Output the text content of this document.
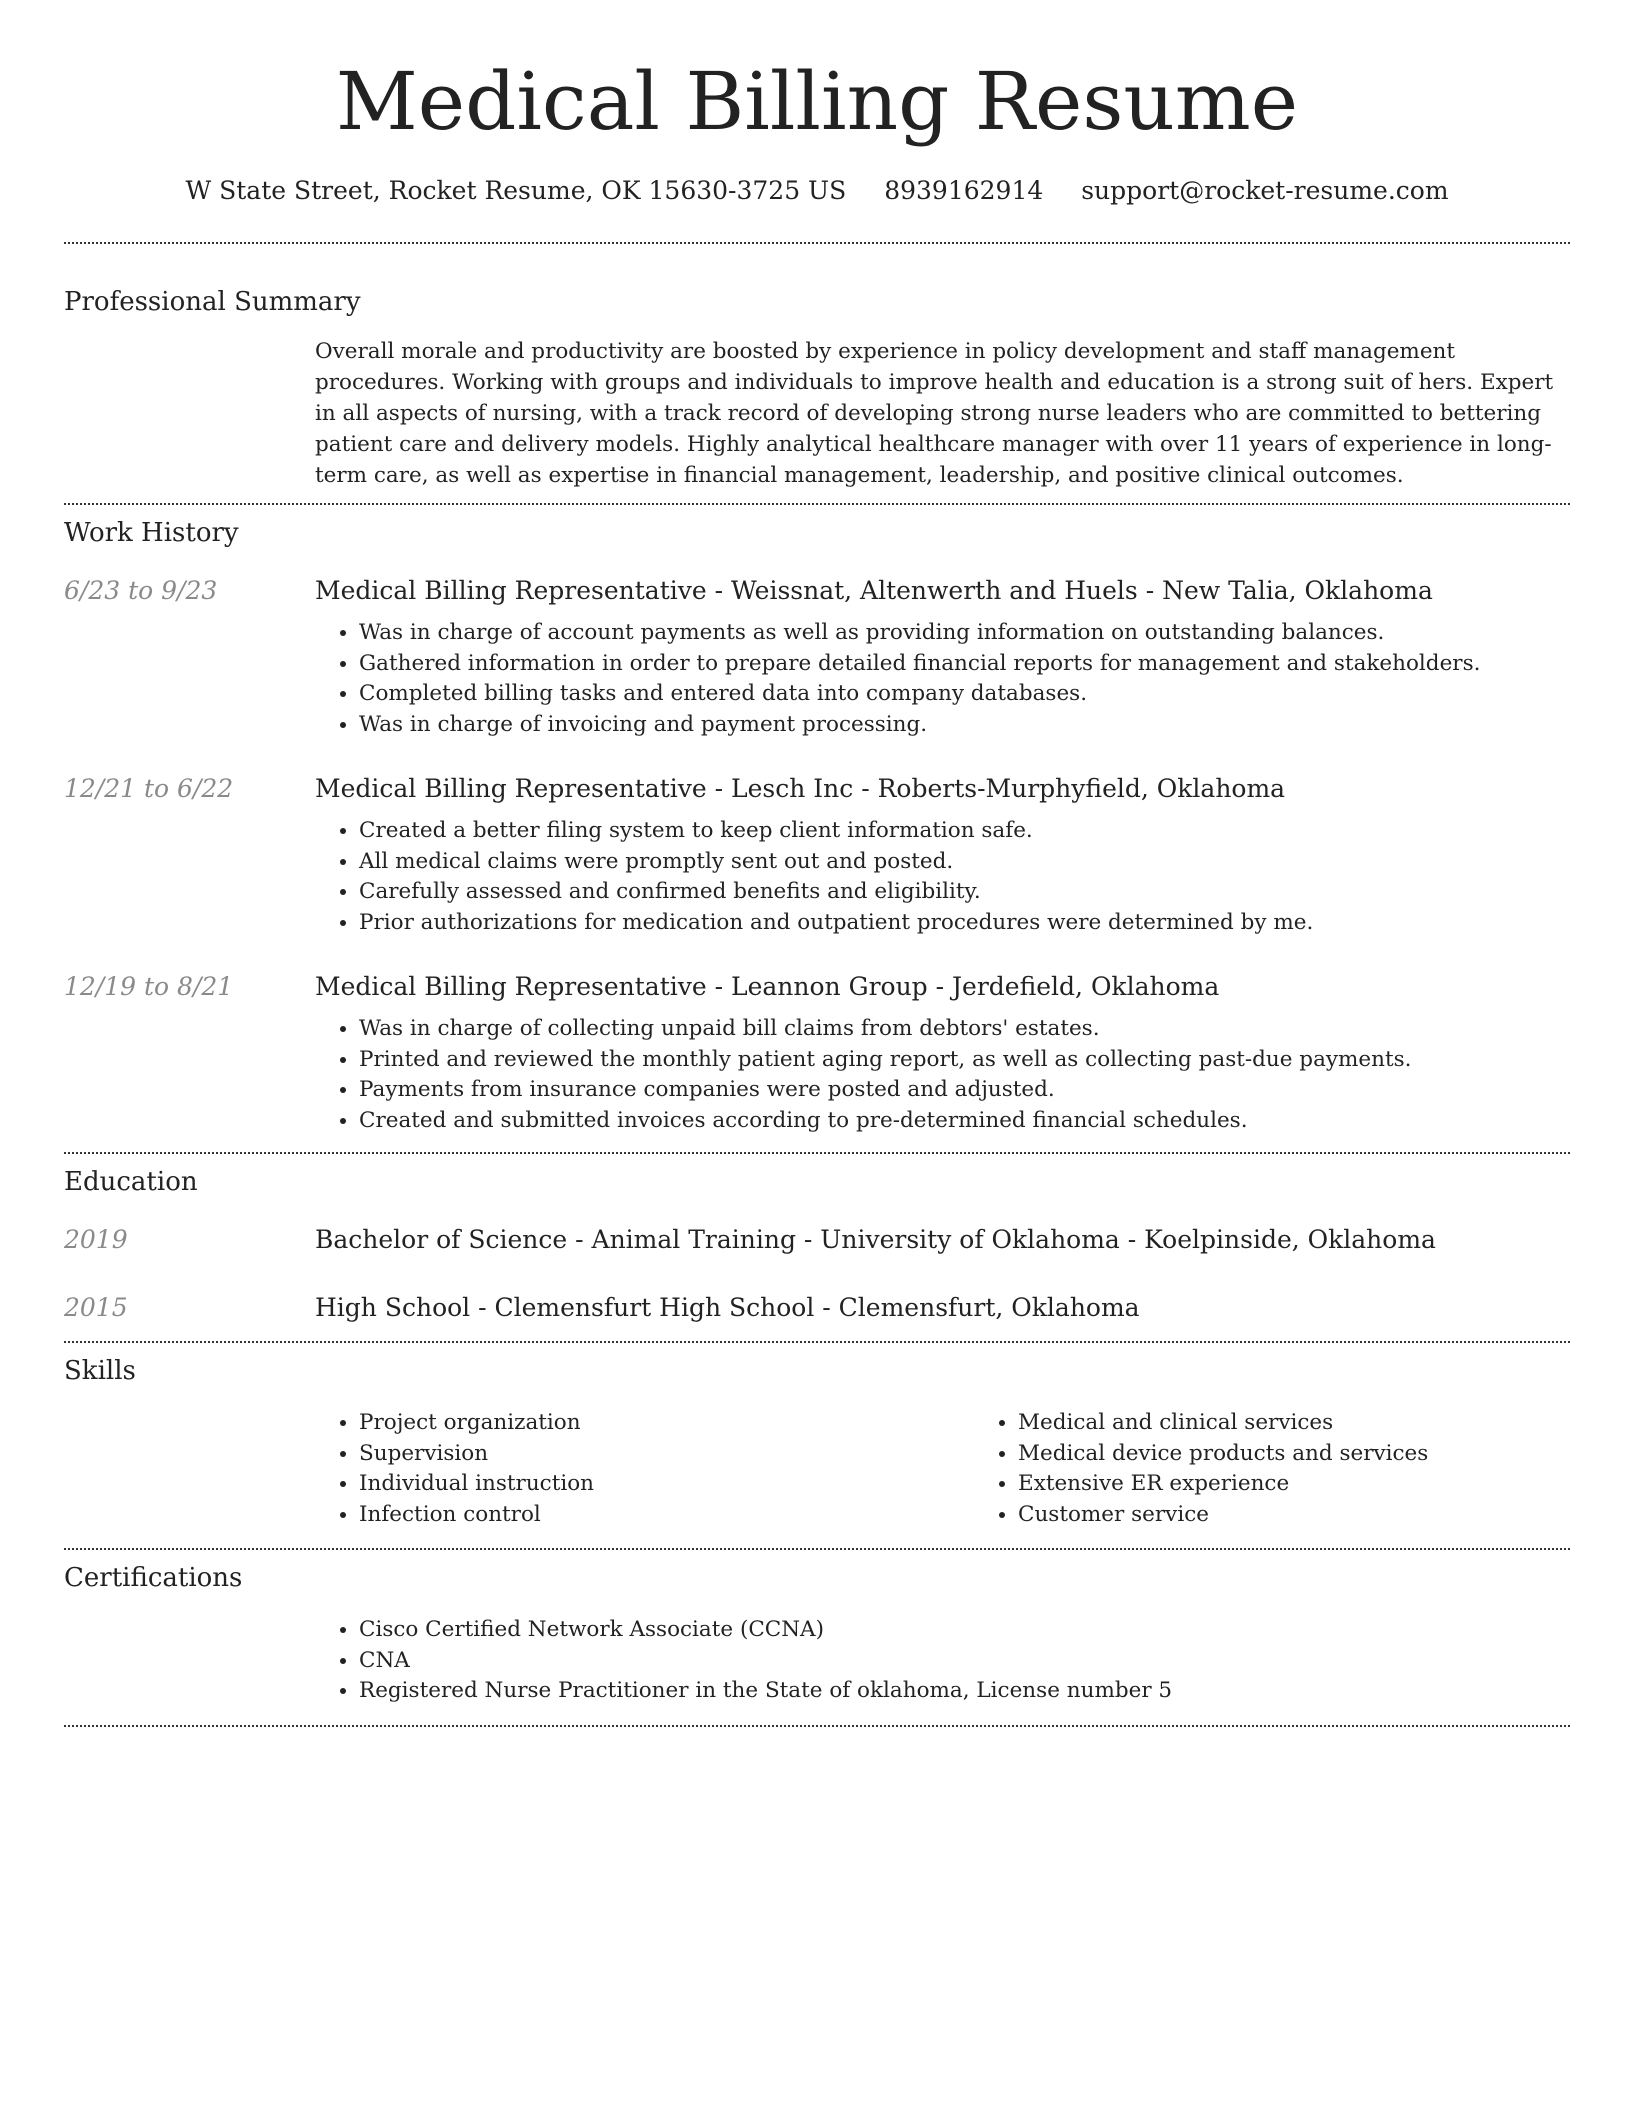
Medical Billing Resume
W State Street, Rocket Resume, OK 15630-3725 US 8939162914 support@rocket-resume.com
Professional Summary
Overall morale and productivity are boosted by experience in policy development and staff management procedures. Working with groups and individuals to improve health and education is a strong suit of hers. Expert in all aspects of nursing, with a track record of developing strong nurse leaders who are committed to bettering patient care and delivery models. Highly analytical healthcare manager with over 11 years of experience in long-term care, as well as expertise in financial management, leadership, and positive clinical outcomes.
Work History
6/23 to 9/23	Medical Billing Representative - Weissnat, Altenwerth and Huels - New Talia, Oklahoma
• Was in charge of account payments as well as providing information on outstanding balances.
• Gathered information in order to prepare detailed financial reports for management and stakeholders.
• Completed billing tasks and entered data into company databases.
• Was in charge of invoicing and payment processing.
12/21 to 6/22	Medical Billing Representative - Lesch Inc - Roberts-Murphyfield, Oklahoma
• Created a better filing system to keep client information safe.
• All medical claims were promptly sent out and posted.
• Carefully assessed and confirmed benefits and eligibility.
• Prior authorizations for medication and outpatient procedures were determined by me.
12/19 to 8/21	Medical Billing Representative - Leannon Group - Jerdefield, Oklahoma
• Was in charge of collecting unpaid bill claims from debtors' estates.
• Printed and reviewed the monthly patient aging report, as well as collecting past-due payments.
• Payments from insurance companies were posted and adjusted.
• Created and submitted invoices according to pre-determined financial schedules.
Education
2019	Bachelor of Science - Animal Training - University of Oklahoma - Koelpinside, Oklahoma
2015	High School - Clemensfurt High School - Clemensfurt, Oklahoma
Skills
• Project organization
• Supervision
• Individual instruction
• Infection control
• Medical and clinical services
• Medical device products and services
• Extensive ER experience
• Customer service
Certifications
• Cisco Certified Network Associate (CCNA)
• CNA
• Registered Nurse Practitioner in the State of oklahoma, License number 5
